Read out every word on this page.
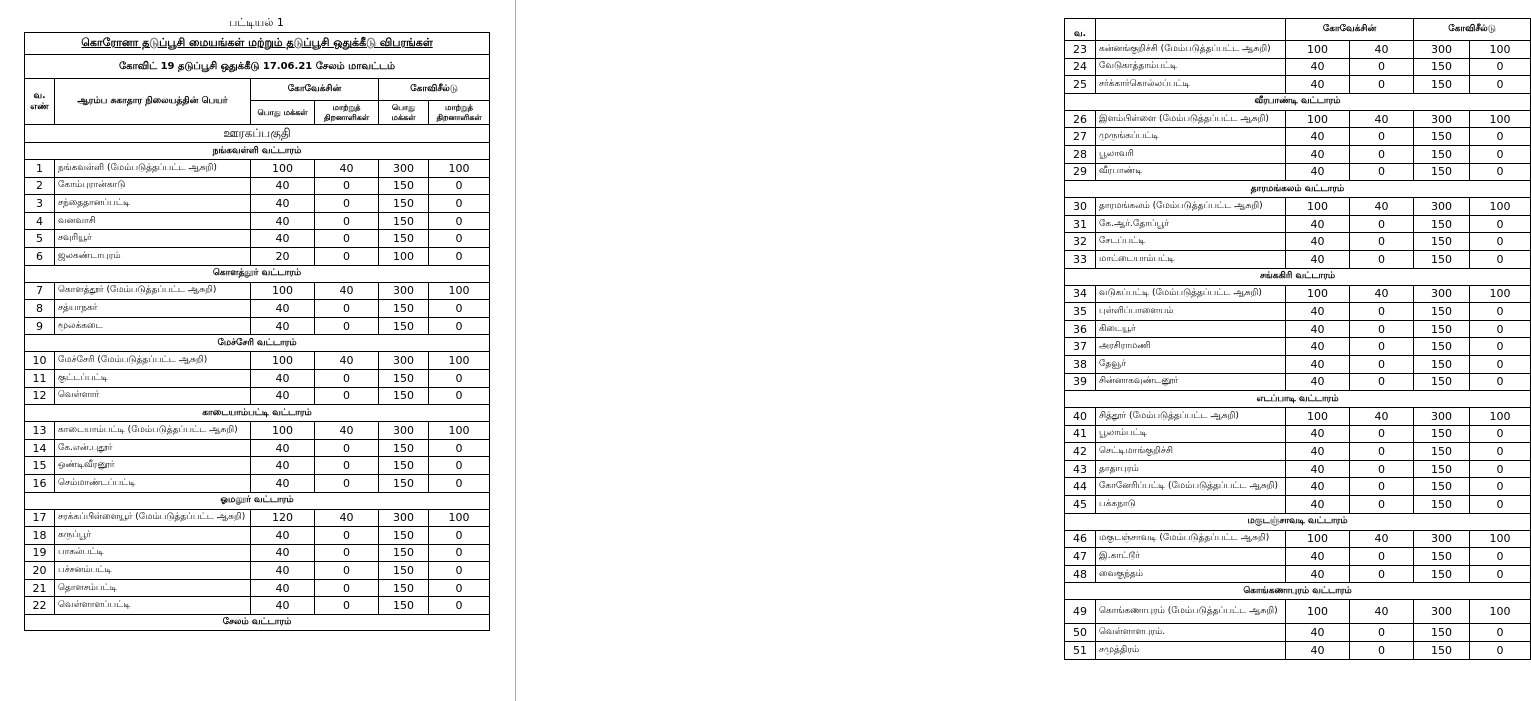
பட்டியல் 1
கொரோனா தடுப்பூசி மையங்கள் மற்றும் தடுப்பூசி ஒதுக்கீடு விபரங்கள்					
கோவிட் 19 தடுப்பூசி ஒதுக்கீடு 17.06.21 சேலம் மாவட்டம்					
வ. எண்	ஆரம்ப சுகாதார நிலையத்தின் பெயர்	கோவேக்சின்		கோவிசீல்டு	
		பொது மக்கள்	மாற்றுத் திறனாளிகள்	பொது மக்கள்	மாற்றுத் திறனாளிகள்
ஊரகப்பகுதி					
நங்கவள்ளி வட்டாரம்					
1	நங்கவள்ளி (மேம்படுத்தப்பட்ட ஆசுறி)	100	40	300	100
2	கோம்புரான்காடு	40	0	150	0
3	சந்தைதானப்பட்டி	40	0	150	0
4	வனவாசி	40	0	150	0
5	சவுரியூர்	40	0	150	0
6	ஜலகண்டாபுரம்	20	0	100	0
கொளத்தூர் வட்டாரம்					
7	கொளத்தூர் (மேம்படுத்தப்பட்ட ஆசுறி)	100	40	300	100
8	சத்யாநகர்	40	0	150	0
9	மூலக்கடை	40	0	150	0
மேச்சேரி வட்டாரம்					
10	மேச்சேரி (மேம்படுத்தப்பட்ட ஆசுறி)	100	40	300	100
11	குட்டப்பட்டி	40	0	150	0
12	வெள்ளார்	40	0	150	0
காடையாம்பட்டி வட்டாரம்					
13	காடையாம்பட்டி (மேம்படுத்தப்பட்ட ஆசுறி)	100	40	300	100
14	கே.என்.புதூர்	40	0	150	0
15	ஒண்டிவீரனூர்	40	0	150	0
16	செம்மாண்டப்பட்டி	40	0	150	0
ஓமலூர் வட்டாரம்					
17	சரக்கப்பிள்ளையூர் (மேம்படுத்தப்பட்ட ஆசுறி)	120	40	300	100
18	கருப்பூர்	40	0	150	0
19	பாகல்பட்டி	40	0	150	0
20	பச்சனம்பட்டி	40	0	150	0
21	தொளசம்பட்டி	40	0	150	0
22	வெள்ளாளப்பட்டி	40	0	150	0
சேலம் வட்டாரம்					
வ.		கோவேக்சின்		கோவிசீல்டு	
23	கன்னங்குறிச்சி (மேம்படுத்தப்பட்ட ஆசுறி)	100	40	300	100
24	வேடுகாத்தாம்பட்டி	40	0	150	0
25	சர்க்கார்கொல்லப்பட்டி	40	0	150	0
வீரபாண்டி வட்டாரம்					
26	இளம்பிள்ளை (மேம்படுத்தப்பட்ட ஆசுறி)	100	40	300	100
27	முருங்கப்பட்டி	40	0	150	0
28	பூலாவரி	40	0	150	0
29	வீரபாண்டி	40	0	150	0
தாரமங்கலம் வட்டாரம்					
30	தாரமங்கலம் (மேம்படுத்தப்பட்ட ஆசுறி)	100	40	300	100
31	கே.ஆர்.தோப்பூர்	40	0	150	0
32	சேடப்பட்டி	40	0	150	0
33	மாட்டையாம்பட்டி	40	0	150	0
சங்ககிரி வட்டாரம்					
34	வடுகப்பட்டி (மேம்படுத்தப்பட்ட ஆசுறி)	100	40	300	100
35	புள்ளிப்பாளையம்	40	0	150	0
36	கிடையூர்	40	0	150	0
37	அரசிராமணி	40	0	150	0
38	தேவூர்	40	0	150	0
39	சின்னாகவுண்டனூர்	40	0	150	0
எடப்பாடி வட்டாரம்					
40	சித்தூர் (மேம்படுத்தப்பட்ட ஆசுறி)	100	40	300	100
41	பூலாம்பட்டி	40	0	150	0
42	செட்டிமாங்குறிச்சி	40	0	150	0
43	தாதாபுரம்	40	0	150	0
44	கோனேரிப்பட்டி (மேம்படுத்தப்பட்ட ஆசுறி)	40	0	150	0
45	பக்கநாடு	40	0	150	0
மகுடஞ்சாவடி வட்டாரம்					
46	மகுடஞ்சாவடி (மேம்படுத்தப்பட்ட ஆசுறி)	100	40	300	100
47	இ.காட்டூர்	40	0	150	0
48	வைகுந்தம்	40	0	150	0
கொங்கணாபுரம் வட்டாரம்					
49	கொங்கணாபுரம் (மேம்படுத்தப்பட்ட ஆசுறி)	100	40	300	100
50	வெள்ளாளபுரம்.	40	0	150	0
51	சமுத்திரம்	40	0	150	0
